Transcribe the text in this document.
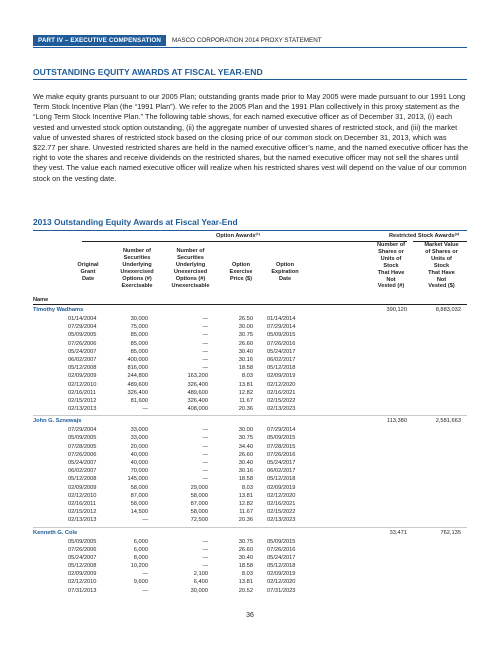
PART IV – EXECUTIVE COMPENSATION	MASCO CORPORATION 2014 PROXY STATEMENT
OUTSTANDING EQUITY AWARDS AT FISCAL YEAR-END

We make equity grants pursuant to our 2005 Plan; outstanding grants made prior to May 2005 were made pursuant to our 1991 Long Term Stock Incentive Plan (the “1991 Plan”). We refer to the 2005 Plan and the 1991 Plan collectively in this proxy statement as the “Long Term Stock Incentive Plan.” The following table shows, for each named executive officer as of December 31, 2013, (i) each vested and unvested stock option outstanding, (ii) the aggregate number of unvested shares of restricted stock, and (iii) the market value of unvested shares of restricted stock based on the closing price of our common stock on December 31, 2013, which was $22.77 per share. Unvested restricted shares are held in the named executive officer’s name, and the named executive officer has the right to vote the shares and receive dividends on the restricted shares, but the named executive officer may not sell the shares until they vest. The value each named executive officer will realize when his restricted shares vest will depend on the value of our common stock on the vesting date.

2013 Outstanding Equity Awards at Fiscal Year-End
Option Awards⁽¹⁾	Restricted Stock Awards⁽²⁾
Name
Original
Grant
Date
Number of
Securities
Underlying
Unexercised
Options (#)
Exercisable
Number of
Securities
Underlying
Unexercised
Options (#)
Unexercisable
Option
Exercise
Price ($)
Option
Expiration
Date
Number of
Shares or
Units of
Stock
That Have
Not
Vested (#)
Market Value
of Shares or
Units of
Stock
That Have
Not
Vested ($)
Timothy Wadhams	390,120	8,883,032
01/14/2004	30,000	—	26.50 01/14/2014
07/29/2004	75,000	—	30.00 07/29/2014
05/09/2005	85,000	—	30.75 05/09/2015
07/26/2006	85,000	—	26.60 07/26/2016
05/24/2007	85,000	—	30.40 05/24/2017
06/02/2007	400,000	—	30.16 06/02/2017
05/12/2008	816,000	—	18.58 05/12/2018
02/09/2009	244,800	163,200	8.03 02/09/2019
02/12/2010	489,600	326,400	13.81 02/12/2020
02/16/2011	326,400	489,600	12.82 02/16/2021
02/15/2012	81,600	326,400	11.67 02/15/2022
02/13/2013	—	408,000	20.36 02/13/2023
John G. Sznewajs	113,380	2,581,663
07/29/2004	33,000	—	30.00 07/29/2014
05/09/2005	33,000	—	30.75 05/09/2015
07/28/2005	20,000	—	34.40 07/28/2015
07/26/2006	40,000	—	26.60 07/26/2016
05/24/2007	40,000	—	30.40 05/24/2017
06/02/2007	70,000	—	30.16 06/02/2017
05/12/2008	145,000	—	18.58 05/12/2018
02/09/2009	58,000	29,000	8.03 02/09/2019
02/12/2010	87,000	58,000	13.81 02/12/2020
02/16/2011	58,000	87,000	12.82 02/16/2021
02/15/2012	14,500	58,000	11.67 02/15/2022
02/13/2013	—	72,500	20.36 02/13/2023
Kenneth G. Cole	33,471	762,135
05/09/2005	6,000	—	30.75 05/09/2015
07/26/2006	6,000	—	26.60 07/26/2016
05/24/2007	8,000	—	30.40 05/24/2017
05/12/2008	10,200	—	18.58 05/12/2018
02/09/2009	—	2,100	8.03 02/09/2019
02/12/2010	9,600	6,400	13.81 02/12/2020
07/31/2013	—	30,000	20.52 07/31/2023
36
